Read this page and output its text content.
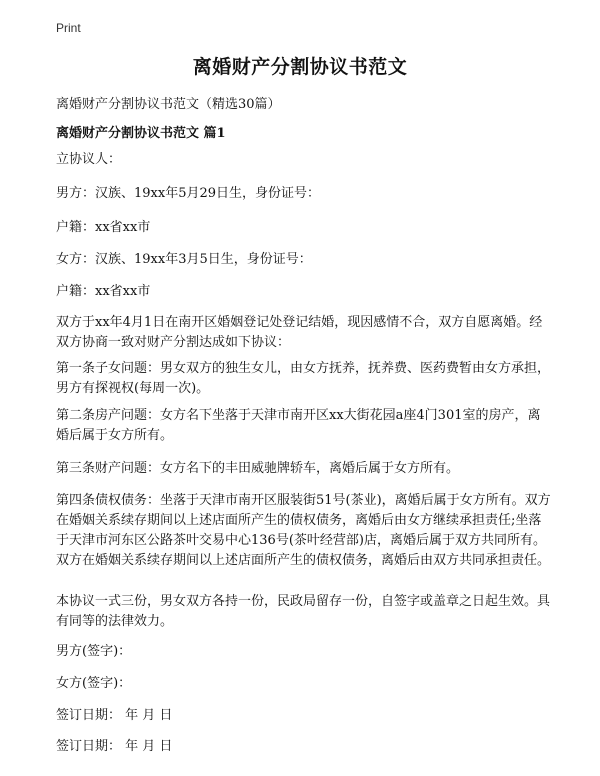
Print
离婚财产分割协议书范文
离婚财产分割协议书范文（精选30篇）
离婚财产分割协议书范文 篇1

立协议人：

男方：汉族、19xx年5月29日生，身份证号：

户籍：xx省xx市

女方：汉族、19xx年3月5日生，身份证号：

户籍：xx省xx市

双方于xx年4月1日在南开区婚姻登记处登记结婚，现因感情不合，双方自愿离婚。经双方协商一致对财产分割达成如下协议：

第一条子女问题：男女双方的独生女儿，由女方抚养，抚养费、医药费暂由女方承担，男方有探视权(每周一次)。

第二条房产问题：女方名下坐落于天津市南开区xx大街花园a座4门301室的房产，离婚后属于女方所有。

第三条财产问题：女方名下的丰田威驰牌轿车，离婚后属于女方所有。

第四条债权债务：坐落于天津市南开区服装街51号(茶业)，离婚后属于女方所有。双方在婚姻关系续存期间以上述店面所产生的债权债务，离婚后由女方继续承担责任;坐落于天津市河东区公路茶叶交易中心136号(茶叶经营部)店，离婚后属于双方共同所有。双方在婚姻关系续存期间以上述店面所产生的债权债务，离婚后由双方共同承担责任。

本协议一式三份，男女双方各持一份，民政局留存一份，自签字或盖章之日起生效。具有同等的法律效力。

男方(签字)：

女方(签字)：

签订日期： 年 月 日

签订日期： 年 月 日
